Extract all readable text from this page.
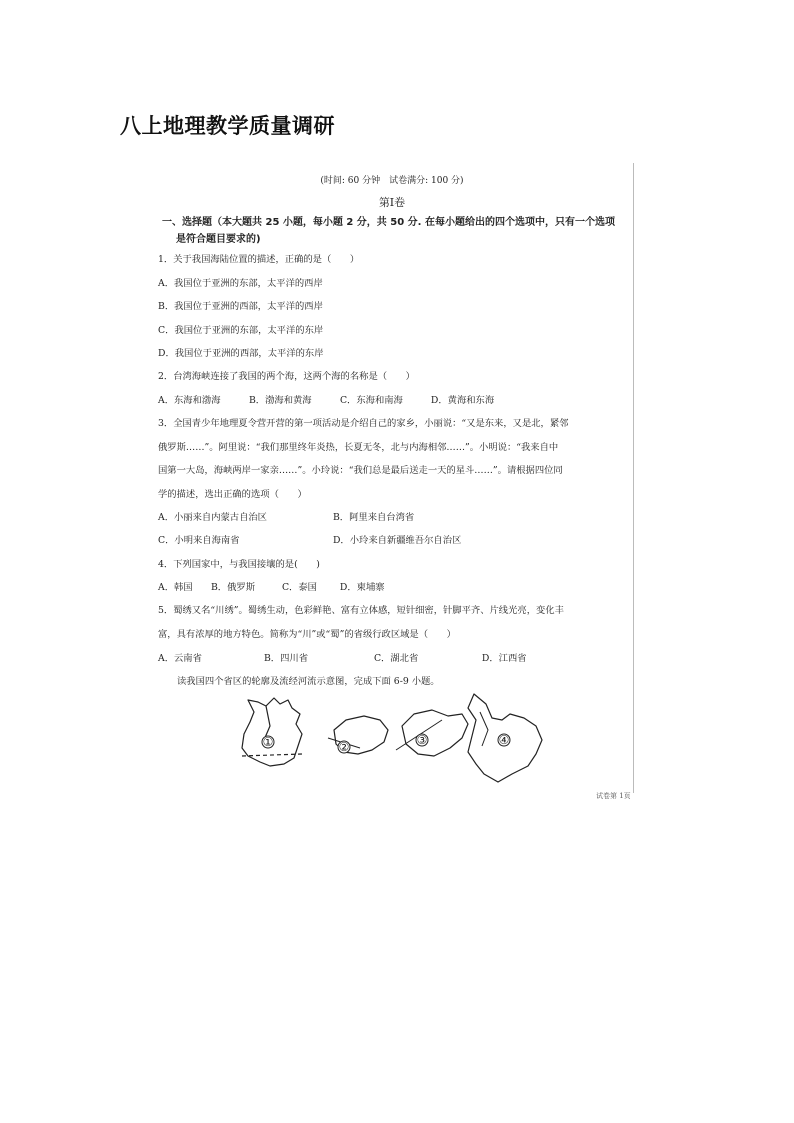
八上地理教学质量调研
(时间: 60 分钟　试卷满分: 100 分)
第Ⅰ卷
一、选择题（本大题共 25 小题，每小题 2 分，共 50 分. 在每小题给出的四个选项中，只有一个选项
是符合题目要求的)
1．关于我国海陆位置的描述，正确的是（　　）
A．我国位于亚洲的东部，太平洋的西岸
B．我国位于亚洲的西部，太平洋的西岸
C．我国位于亚洲的东部，太平洋的东岸
D．我国位于亚洲的西部，太平洋的东岸
2．台湾海峡连接了我国的两个海，这两个海的名称是（　　）
A．东海和渤海	B．渤海和黄海	C．东海和南海	D．黄海和东海
3．全国青少年地理夏令营开营的第一项活动是介绍自己的家乡，小丽说：“又是东来，又是北，紧邻
俄罗斯……”。阿里说：“我们那里终年炎热，长夏无冬，北与内海相邻……”。小明说：“我来自中
国第一大岛，海峡两岸一家亲……”。小玲说：“我们总是最后送走一天的星斗……”。请根据四位同
学的描述，选出正确的选项（　　）
A．小丽来自内蒙古自治区	B．阿里来自台湾省
C．小明来自海南省	D．小玲来自新疆维吾尔自治区
4．下列国家中，与我国接壤的是(　　)
A．韩国 B．俄罗斯	C．泰国 D．柬埔寨
5．蜀绣又名“川绣”。蜀绣生动，色彩鲜艳、富有立体感，短针细密，针脚平齐、片线光亮，变化丰
富，具有浓厚的地方特色。简称为“川”或“蜀”的省级行政区域是（　　）
A．云南省	B．四川省	C．湖北省	D．江西省
读我国四个省区的轮廓及流经河流示意图，完成下面 6-9 小题。
①	②	③	④
试卷第 1页
